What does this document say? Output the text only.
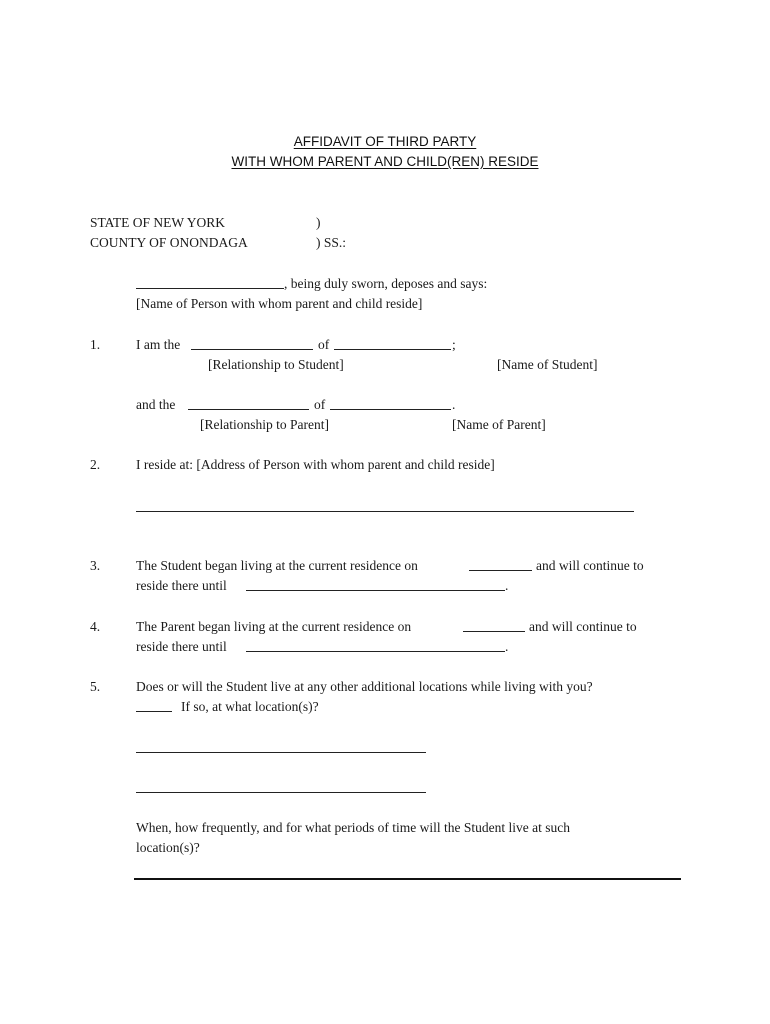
AFFIDAVIT OF THIRD PARTY
WITH WHOM PARENT AND CHILD(REN) RESIDE
STATE OF NEW YORK	)
COUNTY OF ONONDAGA	) SS.:
, being duly sworn, deposes and says:
[Name of Person with whom parent and child reside]
1.	I am the	of	;
[Relationship to Student]	[Name of Student]
and the	of	.
[Relationship to Parent]	[Name of Parent]
2.	I reside at: [Address of Person with whom parent and child reside]
3.	The Student began living at the current residence on	and will continue to
reside there until	.
4.	The Parent began living at the current residence on	and will continue to
reside there until	.
5.	Does or will the Student live at any other additional locations while living with you?
If so, at what location(s)?
When, how frequently, and for what periods of time will the Student live at such
location(s)?
